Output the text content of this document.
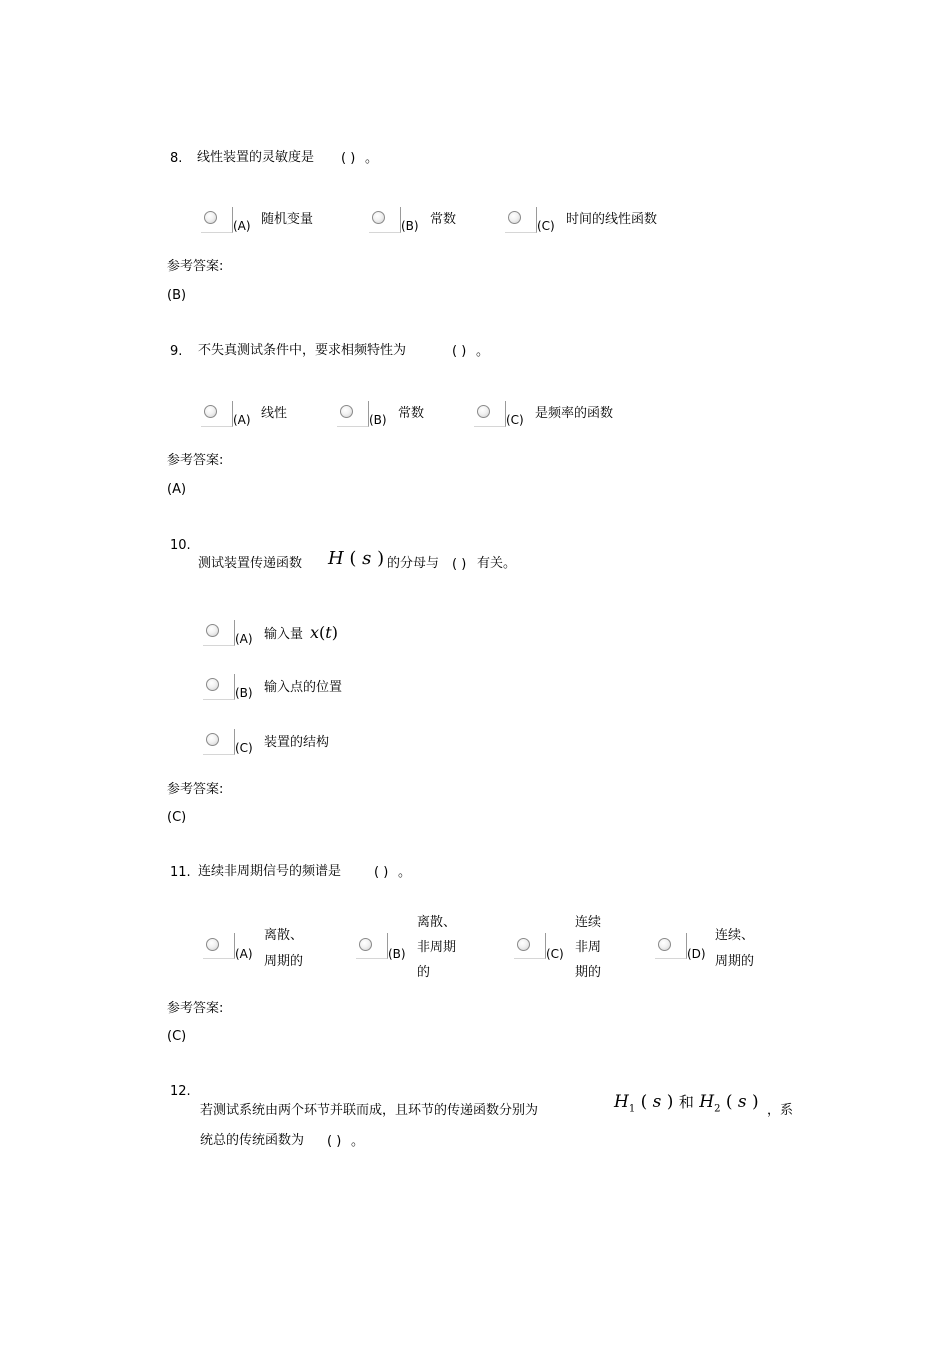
8. 线性装置的灵敏度是 ( ) 。
(A) 随机变量	(B) 常数	(C) 时间的线性函数
参考答案:
(B)
9. 不失真测试条件中，要求相频特性为	( ) 。
(A) 线性	(B) 常数	(C) 是频率的函数
参考答案:
(A)
10.
测试装置传递函数 H ( s ) 的分母与 ( ) 有关。
(A) 输入量 x(t)
(B) 输入点的位置
(C) 装置的结构
参考答案:
(C)
11. 连续非周期信号的频谱是	( ) 。
(A)
离散、
周期的	(B)
离散、
非周期
的
(C)
连续
非周
期的
(D)
连续、
周期的
参考答案:
(C)
12.
若测试系统由两个环节并联而成，且环节的传递函数分别为	$H_1$ ( s ) 和 $H_2$ ( s ) ，系
统总的传统函数为 ( ) 。
